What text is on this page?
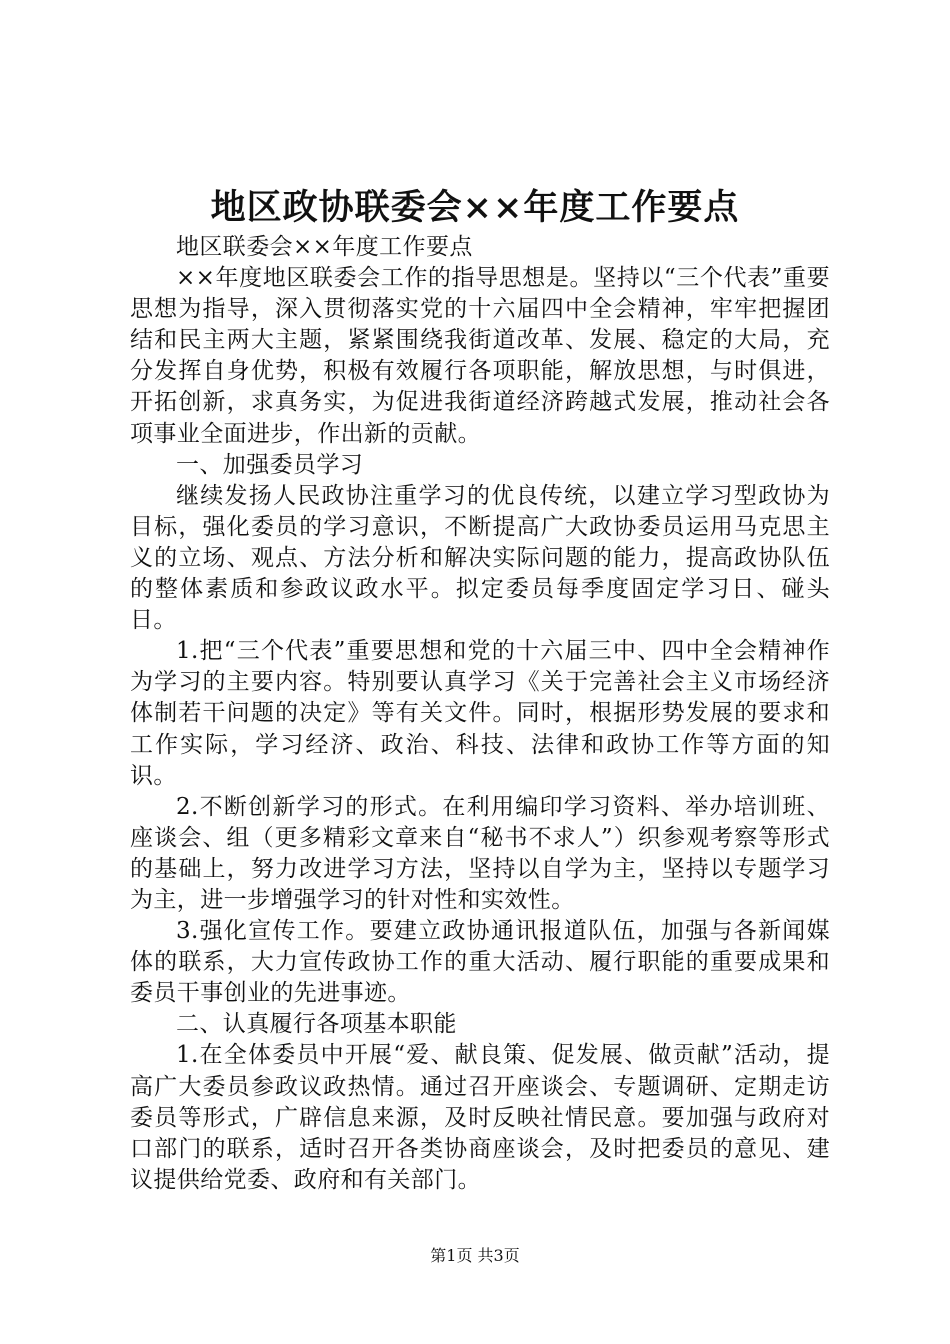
地区政协联委会××年度工作要点

地区联委会××年度工作要点

××年度地区联委会工作的指导思想是。坚持以“三个代表”重要思想为指导，深入贯彻落实党的十六届四中全会精神，牢牢把握团结和民主两大主题，紧紧围绕我街道改革、发展、稳定的大局，充分发挥自身优势，积极有效履行各项职能，解放思想，与时俱进，开拓创新，求真务实，为促进我街道经济跨越式发展，推动社会各项事业全面进步，作出新的贡献。

一、加强委员学习

继续发扬人民政协注重学习的优良传统，以建立学习型政协为目标，强化委员的学习意识，不断提高广大政协委员运用马克思主义的立场、观点、方法分析和解决实际问题的能力，提高政协队伍的整体素质和参政议政水平。拟定委员每季度固定学习日、碰头日。

1.把“三个代表”重要思想和党的十六届三中、四中全会精神作为学习的主要内容。特别要认真学习《关于完善社会主义市场经济体制若干问题的决定》等有关文件。同时，根据形势发展的要求和工作实际，学习经济、政治、科技、法律和政协工作等方面的知识。

2.不断创新学习的形式。在利用编印学习资料、举办培训班、座谈会、组（更多精彩文章来自“秘书不求人”）织参观考察等形式的基础上，努力改进学习方法，坚持以自学为主，坚持以专题学习为主，进一步增强学习的针对性和实效性。

3.强化宣传工作。要建立政协通讯报道队伍，加强与各新闻媒体的联系，大力宣传政协工作的重大活动、履行职能的重要成果和委员干事创业的先进事迹。

二、认真履行各项基本职能

1.在全体委员中开展“爱、献良策、促发展、做贡献”活动，提高广大委员参政议政热情。通过召开座谈会、专题调研、定期走访委员等形式，广辟信息来源，及时反映社情民意。要加强与政府对口部门的联系，适时召开各类协商座谈会，及时把委员的意见、建议提供给党委、政府和有关部门。

第1页 共3页
